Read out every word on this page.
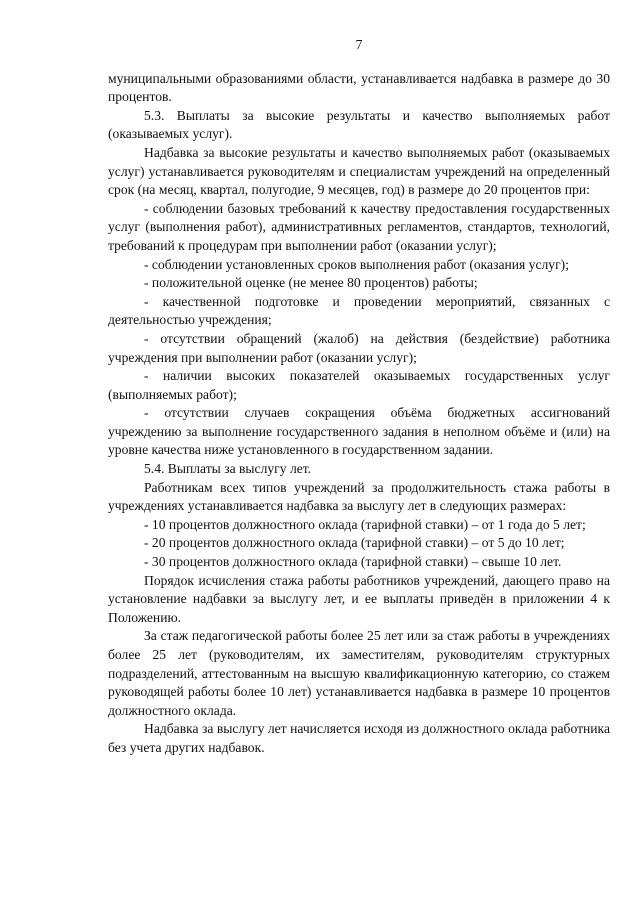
7

муниципальными образованиями области, устанавливается надбавка в размере до 30 процентов.

5.3. Выплаты за высокие результаты и качество выполняемых работ (оказываемых услуг).

Надбавка за высокие результаты и качество выполняемых работ (оказываемых услуг) устанавливается руководителям и специалистам учреждений на определенный срок (на месяц, квартал, полугодие, 9 месяцев, год) в размере до 20 процентов при:

- соблюдении базовых требований к качеству предоставления государственных услуг (выполнения работ), административных регламентов, стандартов, технологий, требований к процедурам при выполнении работ (оказании услуг);

- соблюдении установленных сроков выполнения работ (оказания услуг);

- положительной оценке (не менее 80 процентов) работы;

- качественной подготовке и проведении мероприятий, связанных с деятельностью учреждения;

- отсутствии обращений (жалоб) на действия (бездействие) работника учреждения при выполнении работ (оказании услуг);

- наличии высоких показателей оказываемых государственных услуг (выполняемых работ);

- отсутствии случаев сокращения объёма бюджетных ассигнований учреждению за выполнение государственного задания в неполном объёме и (или) на уровне качества ниже установленного в государственном задании.

5.4. Выплаты за выслугу лет.

Работникам всех типов учреждений за продолжительность стажа работы в учреждениях устанавливается надбавка за выслугу лет в следующих размерах:

- 10 процентов должностного оклада (тарифной ставки) – от 1 года до 5 лет;

- 20 процентов должностного оклада (тарифной ставки) – от 5 до 10 лет;

- 30 процентов должностного оклада (тарифной ставки) – свыше 10 лет.

Порядок исчисления стажа работы работников учреждений, дающего право на установление надбавки за выслугу лет, и ее выплаты приведён в приложении 4 к Положению.

За стаж педагогической работы более 25 лет или за стаж работы в учреждениях более 25 лет (руководителям, их заместителям, руководителям структурных подразделений, аттестованным на высшую квалификационную категорию, со стажем руководящей работы более 10 лет) устанавливается надбавка в размере 10 процентов должностного оклада.

Надбавка за выслугу лет начисляется исходя из должностного оклада работника без учета других надбавок.
